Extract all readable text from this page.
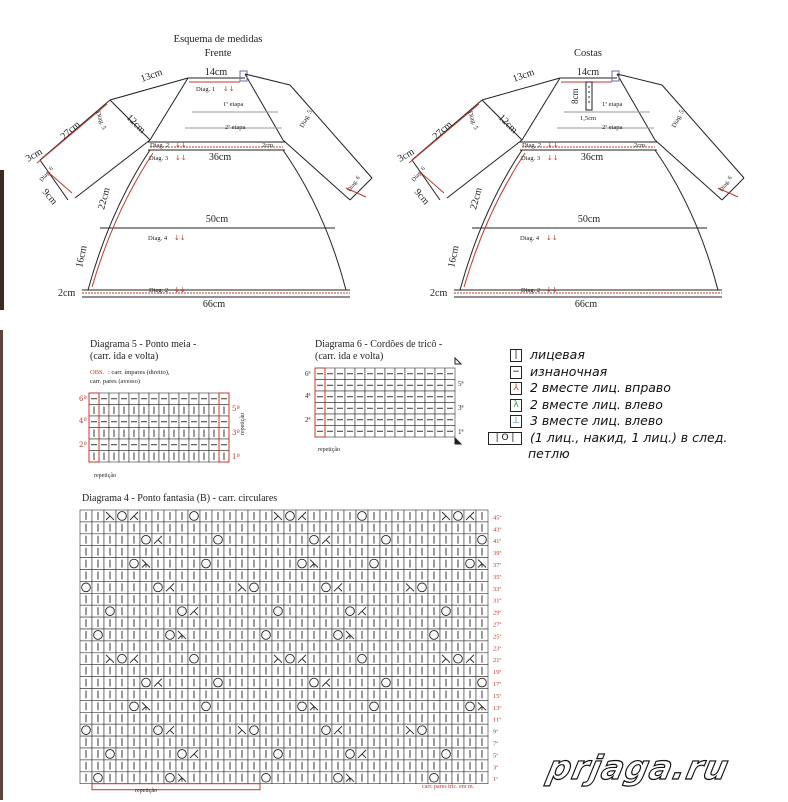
Esquema de medidas
Frente	Costas
14cm
13cm
27cm
3cm
9cm
12cm
36cm
50cm
66cm
22cm
16cm
2cm
2cm
1ª etapa
2ª etapa
Diag. 1 ↓↓
Diag. 2 ↓↓
Diag. 3 ↓↓
Diag. 4 ↓↓
Diag. 2 ↓↓
Diag. 5	Diag. 5
Diag. 6
Diag. 6
14cm
13cm
27cm
3cm
9cm
12cm
36cm
50cm
66cm
22cm
16cm
2cm
2cm
8cm
1,5cm
1ª etapa
2ª etapa
Diag. 2 ↓↓
Diag. 3 ↓↓
Diag. 4 ↓↓
Diag. 2 ↓↓
Diag. 5	Diag. 5
Diag. 6
Diag. 6
Diagrama 5 - Ponto meia -
(carr. ida e volta)
OBS. : carr. ímpares (direito),
carr. pares (avesso)
6ª
4ª
2ª
5ª
3ª
1ª
repetição
repetição
Diagrama 6 - Cordões de tricô -
(carr. ida e volta)
6ª
4ª
2ª
5ª
3ª
1ª
repetição
Diagrama 4 - Ponto fantasia (B) - carr. circulares
45ª
43ª
41ª
39ª
37ª
35ª
33ª
31ª
29ª
27ª
25ª
23ª
21ª
19ª
17ª
15ª
13ª
11ª
9ª
7ª
5ª
3ª
1ª
repetição
carr. pares tric. em m.
| лицевая
− изнаночная
⅄ 2 вместе лиц. вправо
λ 2 вместе лиц. влево
⟂ 3 вместе лиц. влево
| O |	(1 лиц., накид, 1 лиц.) в след.
петлю
prjaga.ru
